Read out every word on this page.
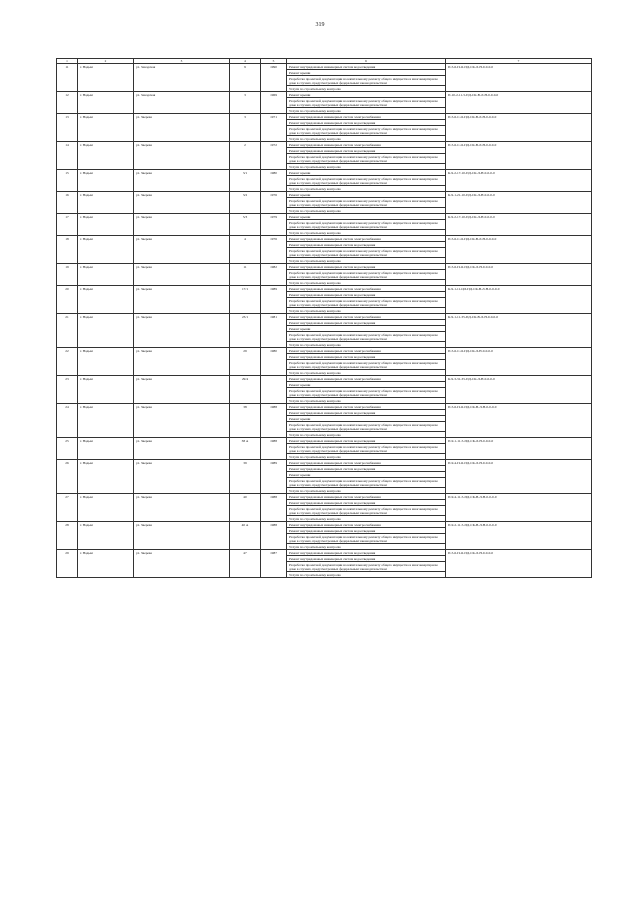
319
1	2	3	4	5	6	7
11	г. Надым	ул. Заводская	9	1990	Ремонт внутридомовых инженерных систем водоотведения
Ремонт крыши
Разработка проектной документации на капитальному ремонту общего имущества в многоквартирном доме в случаях, предусмотренных федеральным законодательством
Услуги по строительному контролю	П-5-6-П-О-ПД-СК-Л-Н-0-0-0-0
12	г. Надым	ул. Заводская	3	1969	Ремонт крыши
Разработка проектной документации на капитальному ремонту общего имущества в многоквартирном доме в случаях, предусмотренных федеральным законодательством
Услуги по строительному контролю	П-10-2-11-5-ПД-СК-В-Л-Н-0-0-0-0
13	г. Надым	ул. Зверева	3	1971	Ремонт внутридомовых инженерных систем электроснабжения
Ремонт внутридомовых инженерных систем водоотведения
Разработка проектной документации на капитальному ремонту общего имущества в многоквартирном доме в случаях, предусмотренных федеральным законодательством
Услуги по строительному контролю	П-5-6-С-О-ПД-СК-В-Л-Н-0-0-0-0
14	г. Надым	ул. Зверева	2	1972	Ремонт внутридомовых инженерных систем электроснабжения
Ремонт внутридомовых инженерных систем водоотведения
Разработка проектной документации на капитальному ремонту общего имущества в многоквартирном доме в случаях, предусмотренных федеральным законодательством
Услуги по строительному контролю	П-5-6-С-О-ПД-СК-В-Л-Н-0-0-0-0
15	г. Надым	ул. Зверева	3/1	1980	Ремонт крыши
Разработка проектной документации на капитальному ремонту общего имущества в многоквартирном доме в случаях, предусмотренных федеральным законодательством
Услуги по строительному контролю	К-9-2-17-10-ПД-СК-Л-Н-0-0-0-0
16	г. Надым	ул. Зверева	3/2	1976	Ремонт крыши
Разработка проектной документации на капитальному ремонту общего имущества в многоквартирном доме в случаях, предусмотренных федеральным законодательством
Услуги по строительному контролю	К-9-1-21-10-ПД-СК-Л-Н-0-0-0-0
17	г. Надым	ул. Зверева	5/3	1979	Ремонт крыши
Разработка проектной документации на капитальному ремонту общего имущества в многоквартирном доме в случаях, предусмотренных федеральным законодательством
Услуги по строительному контролю	К-9-2-17-10-ПД-СК-Л-Н-0-0-0-0
18	г. Надым	ул. Зверева	4	1976	Ремонт внутридомовых инженерных систем электроснабжения
Ремонт внутридомовых инженерных систем водоотведения
Разработка проектной документации на капитальному ремонту общего имущества в многоквартирном доме в случаях, предусмотренных федеральным законодательством
Услуги по строительному контролю	П-5-6-С-О-ПД-СК-В-Л-Н-0-0-0-0
19	г. Надым	ул. Зверева	11	1982	Ремонт внутридомовых инженерных систем водоотведения
Разработка проектной документации на капитальному ремонту общего имущества в многоквартирном доме в случаях, предусмотренных федеральным законодательством
Услуги по строительному контролю	П-5-6-П-О-ПД-СК-Л-Н-0-0-0-0
20	г. Надым	ул. Зверева	17/1	1989	Ремонт внутридомовых инженерных систем электроснабжения
Ремонт внутридомовых инженерных систем водоотведения
Разработка проектной документации на капитальному ремонту общего имущества в многоквартирном доме в случаях, предусмотренных федеральным законодательством
Услуги по строительному контролю	К-9-1-11-ЦЛ-ПД-СК-В-Л-Н-0-0-0-0
21	г. Надым	ул. Зверева	23/1	1981	Ремонт внутридомовых инженерных систем электроснабжения
Ремонт внутридомовых инженерных систем водоотведения
Ремонт крыши
Разработка проектной документации на капитальному ремонту общего имущества в многоквартирном доме в случаях, предусмотренных федеральным законодательством
Услуги по строительному контролю	К-9-1-11-35-ПД-СК-В-Л-Н-0-0-0-0
22	г. Надым	ул. Зверева	29	1980	Ремонт внутридомовых инженерных систем электроснабжения
Ремонт внутридомовых инженерных систем водоотведения
Разработка проектной документации на капитальному ремонту общего имущества в многоквартирном доме в случаях, предусмотренных федеральным законодательством
Услуги по строительному контролю	П-5-6-С-О-ПД-СК-Л-Н-0-0-0-0
23	г. Надым	ул. Зверева	29/4		Ремонт внутридомовых инженерных систем электроснабжения
Ремонт крыши
Разработка проектной документации на капитальному ремонту общего имущества в многоквартирном доме в случаях, предусмотренных федеральным законодательством
Услуги по строительному контролю	К-9-3-31-35-ПД-СК-Л-Н-0-0-0-0
24	г. Надым	ул. Зверева	38	1988	Ремонт внутридомовых инженерных систем электроснабжения
Ремонт внутридомовых инженерных систем водоотведения
Ремонт крыши
Разработка проектной документации на капитальному ремонту общего имущества в многоквартирном доме в случаях, предусмотренных федеральным законодательством
Услуги по строительному контролю	П-5-6-П-О-ПД-СК-В-Л-Н-0-0-0-0
25	г. Надым	ул. Зверева	38 А	1988	Ремонт внутридомовых инженерных систем водоотведения
Разработка проектной документации на капитальному ремонту общего имущества в многоквартирном доме в случаях, предусмотренных федеральным законодательством
Услуги по строительному контролю	П-9-1-11-5-ПД-СК-Л-Н-0-0-0-0
26	г. Надым	ул. Зверева	39	1989	Ремонт внутридомовых инженерных систем электроснабжения
Ремонт внутридомовых инженерных систем водоотведения
Ремонт крыши
Разработка проектной документации на капитальному ремонту общего имущества в многоквартирном доме в случаях, предусмотренных федеральным законодательством
Услуги по строительному контролю	П-9-4-П-О-ПД-СК-Л-Н-0-0-0-0
27	г. Надым	ул. Зверева	40	1988	Ремонт внутридомовых инженерных систем электроснабжения
Ремонт внутридомовых инженерных систем водоотведения
Разработка проектной документации на капитальному ремонту общего имущества в многоквартирном доме в случаях, предусмотренных федеральным законодательством
Услуги по строительному контролю	П-9-4-11-5-ПД-СК-В-Л-Н-0-0-0-0
28	г. Надым	ул. Зверева	40 А	1988	Ремонт внутридомовых инженерных систем электроснабжения
Ремонт внутридомовых инженерных систем водоотведения
Разработка проектной документации на капитальному ремонту общего имущества в многоквартирном доме в случаях, предусмотренных федеральным законодательством
Услуги по строительному контролю	П-9-2-11-5-ПД-СК-В-Л-Н-0-0-0-0
29	г. Надым	ул. Зверева	47	1987	Ремонт внутридомовых инженерных систем водоотведения
Ремонт внутридомовых инженерных систем водоотведения
Разработка проектной документации на капитальному ремонту общего имущества в многоквартирном доме в случаях, предусмотренных федеральным законодательством
Услуги по строительному контролю	П-5-6-П-О-ПД-СК-Л-Н-0-0-0-0
